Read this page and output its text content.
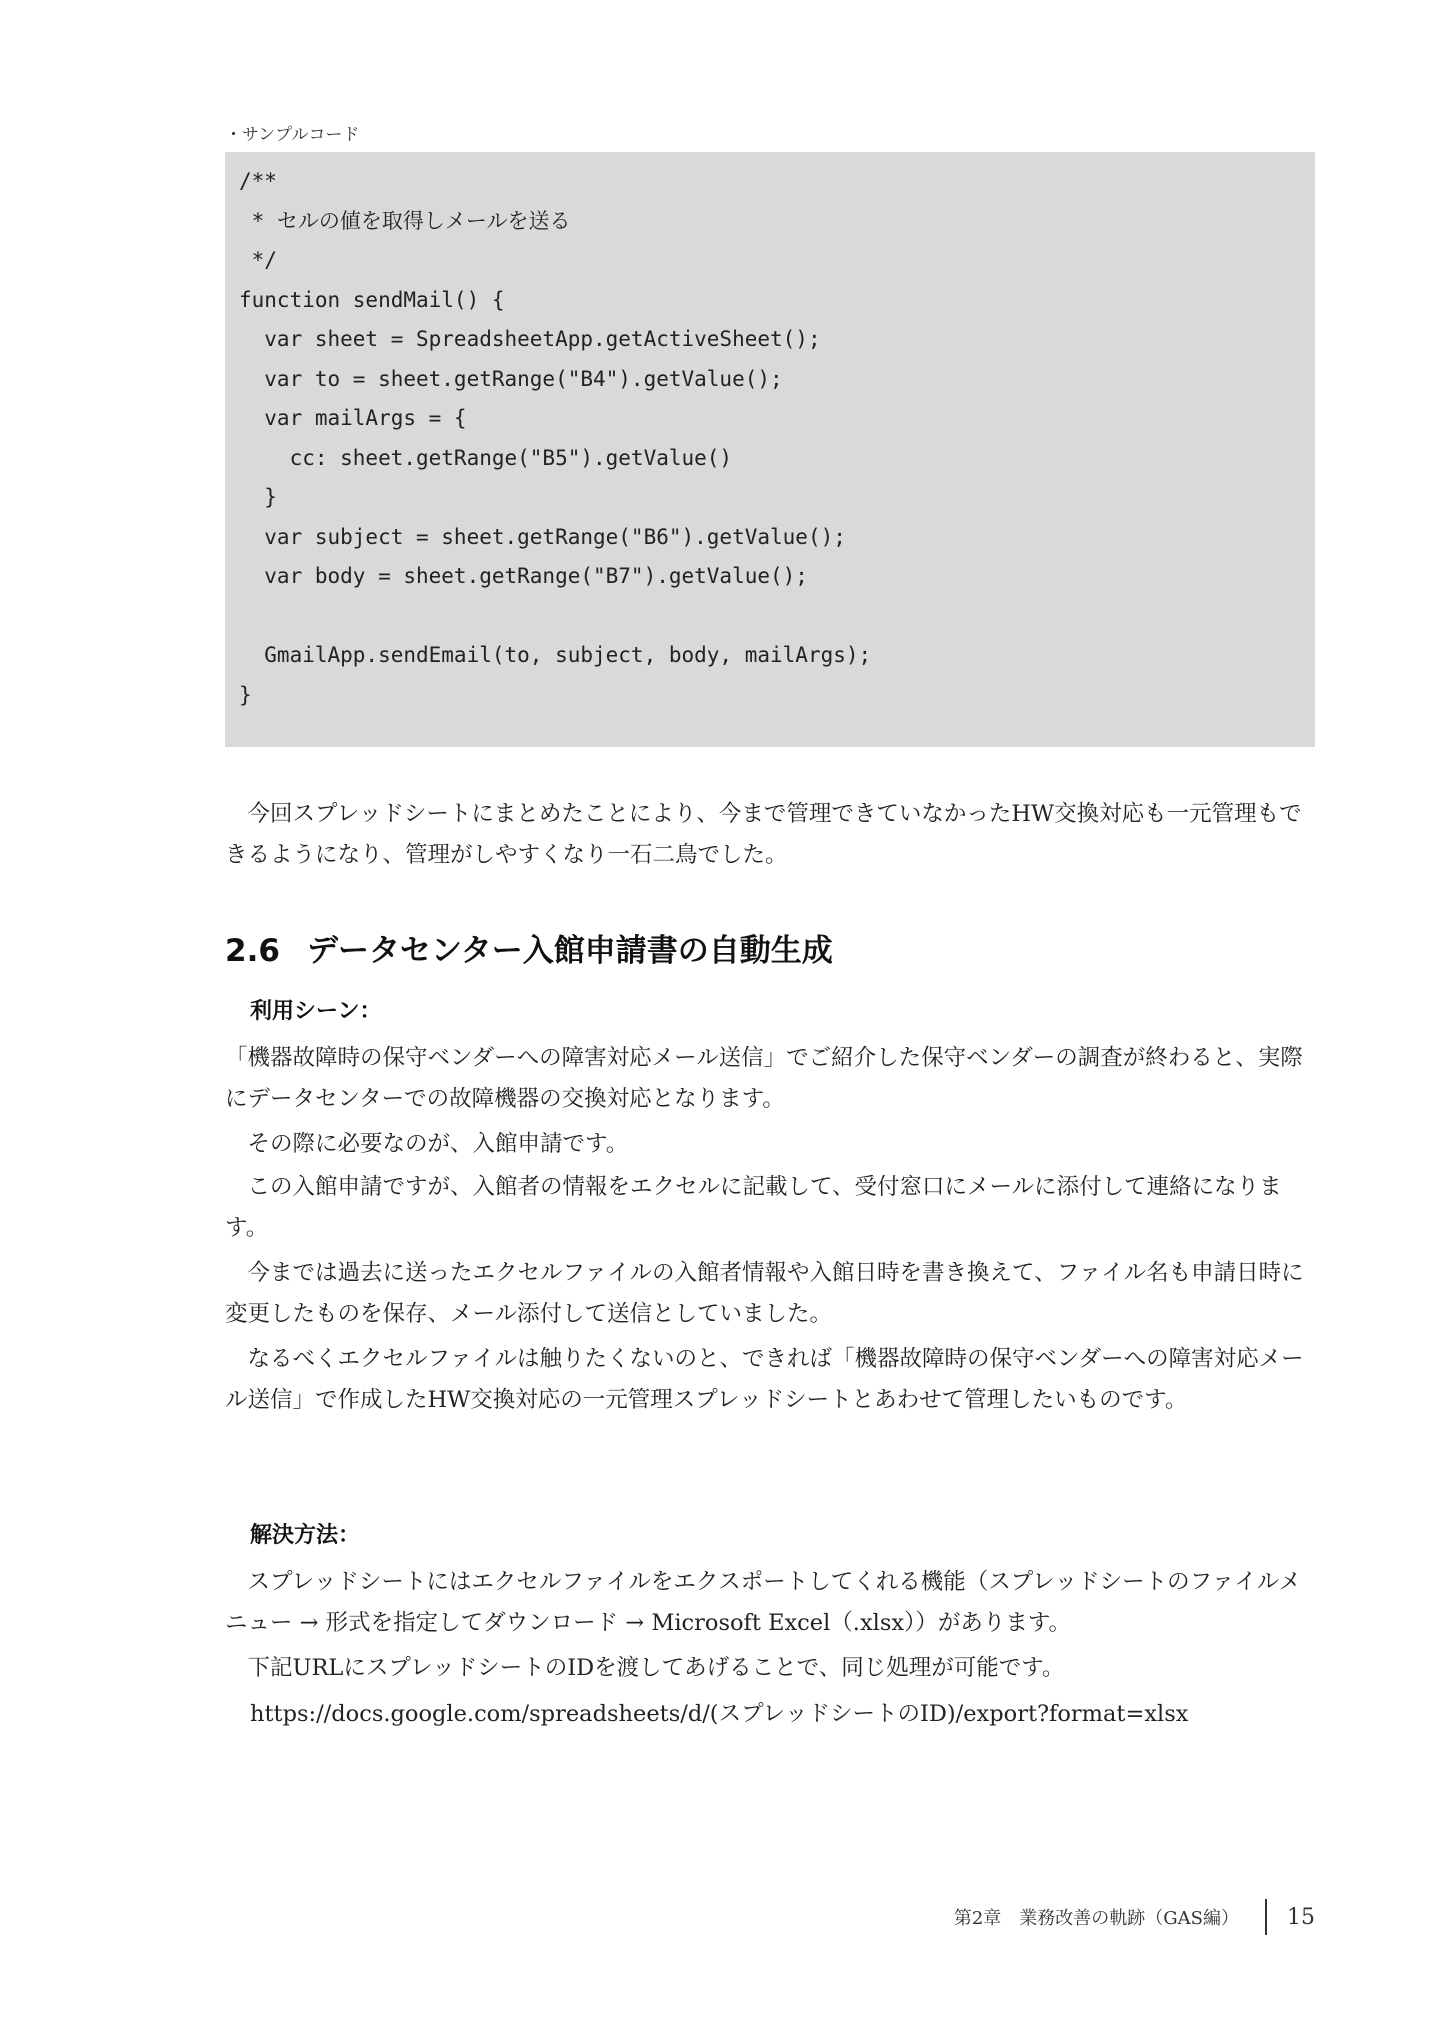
・サンプルコード
/**
* セルの値を取得しメールを送る
*/
function sendMail() {
var sheet = SpreadsheetApp.getActiveSheet();
var to = sheet.getRange("B4").getValue();
var mailArgs = {
cc: sheet.getRange("B5").getValue()
}
var subject = sheet.getRange("B6").getValue();
var body = sheet.getRange("B7").getValue();
GmailApp.sendEmail(to, subject, body, mailArgs);
}

今回スプレッドシートにまとめたことにより、今まで管理できていなかったHW交換対応も一元管理もできるようになり、管理がしやすくなり一石二鳥でした。

2.6 データセンター入館申請書の自動生成

利用シーン：

「機器故障時の保守ベンダーへの障害対応メール送信」でご紹介した保守ベンダーの調査が終わると、実際にデータセンターでの故障機器の交換対応となります。

その際に必要なのが、入館申請です。

この入館申請ですが、入館者の情報をエクセルに記載して、受付窓口にメールに添付して連絡になります。

今までは過去に送ったエクセルファイルの入館者情報や入館日時を書き換えて、ファイル名も申請日時に変更したものを保存、メール添付して送信としていました。

なるべくエクセルファイルは触りたくないのと、できれば「機器故障時の保守ベンダーへの障害対応メール送信」で作成したHW交換対応の一元管理スプレッドシートとあわせて管理したいものです。

解決方法：

スプレッドシートにはエクセルファイルをエクスポートしてくれる機能（スプレッドシートのファイルメニュー → 形式を指定してダウンロード → Microsoft Excel（.xlsx））があります。

下記URLにスプレッドシートのIDを渡してあげることで、同じ処理が可能です。

https://docs.google.com/spreadsheets/d/(スプレッドシートのID)/export?format=xlsx

第2章　業務改善の軌跡（GAS編） 15
